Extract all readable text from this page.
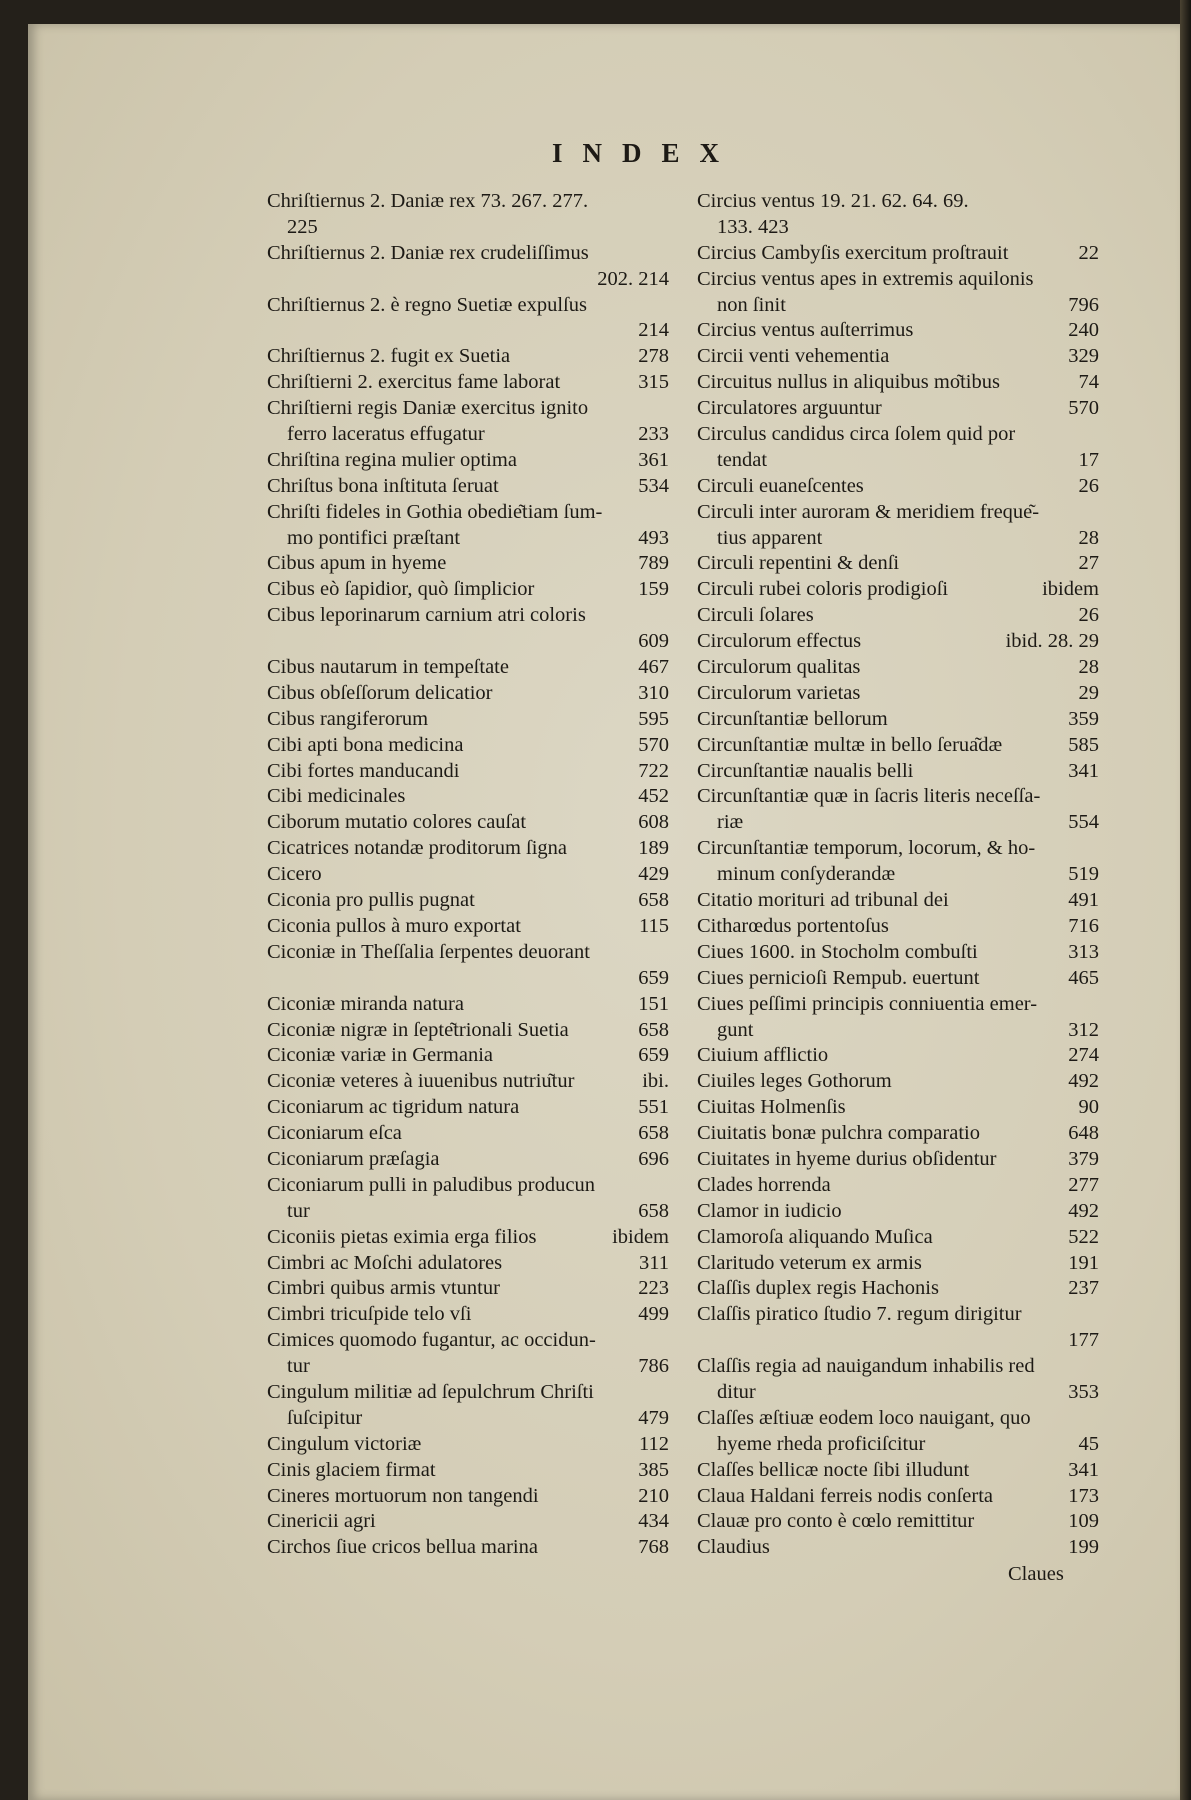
INDEX
Chriſtiernus 2. Daniæ rex 73. 267. 277.
225
Chriſtiernus 2. Daniæ rex crudeliſſimus
202. 214
Chriſtiernus 2. è regno Suetiæ expulſus
214
Chriſtiernus 2. fugit ex Suetia	278
Chriſtierni 2. exercitus fame laborat	315
Chriſtierni regis Daniæ exercitus ignito
ferro laceratus effugatur	233
Chriſtina regina mulier optima	361
Chriſtus bona inſtituta ſeruat	534
Chriſti fideles in Gothia obedie͂tiam ſum-
mo pontifici præſtant	493
Cibus apum in hyeme	789
Cibus eò ſapidior, quò ſimplicior	159
Cibus leporinarum carnium atri coloris
609
Cibus nautarum in tempeſtate	467
Cibus obſeſſorum delicatior	310
Cibus rangiferorum	595
Cibi apti bona medicina	570
Cibi fortes manducandi	722
Cibi medicinales	452
Ciborum mutatio colores cauſat	608
Cicatrices notandæ proditorum ſigna	189
Cicero	429
Ciconia pro pullis pugnat	658
Ciconia pullos à muro exportat	115
Ciconiæ in Theſſalia ſerpentes deuorant
659
Ciconiæ miranda natura	151
Ciconiæ nigræ in ſepte͂trionali Suetia	658
Ciconiæ variæ in Germania	659
Ciconiæ veteres à iuuenibus nutriu͂tur	ibi.
Ciconiarum ac tigridum natura	551
Ciconiarum eſca	658
Ciconiarum præſagia	696
Ciconiarum pulli in paludibus producun
tur	658
Ciconiis pietas eximia erga filios	ibidem
Cimbri ac Moſchi adulatores	311
Cimbri quibus armis vtuntur	223
Cimbri tricuſpide telo vſi	499
Cimices quomodo fugantur, ac occidun-
tur	786
Cingulum militiæ ad ſepulchrum Chriſti
ſuſcipitur	479
Cingulum victoriæ	112
Cinis glaciem firmat	385
Cineres mortuorum non tangendi	210
Cinericii agri	434
Circhos ſiue cricos bellua marina	768
Circius ventus 19. 21. 62. 64. 69.
133. 423
Circius Cambyſis exercitum proſtrauit	22
Circius ventus apes in extremis aquilonis
non ſinit	796
Circius ventus auſterrimus	240
Circii venti vehementia	329
Circuitus nullus in aliquibus mo͂tibus	74
Circulatores arguuntur	570
Circulus candidus circa ſolem quid por
tendat	17
Circuli euaneſcentes	26
Circuli inter auroram & meridiem freque͂-
tius apparent	28
Circuli repentini & denſi	27
Circuli rubei coloris prodigioſi	ibidem
Circuli ſolares	26
Circulorum effectus	ibid. 28. 29
Circulorum qualitas	28
Circulorum varietas	29
Circunſtantiæ bellorum	359
Circunſtantiæ multæ in bello ſerua͂dæ	585
Circunſtantiæ naualis belli	341
Circunſtantiæ quæ in ſacris literis neceſſa-
riæ	554
Circunſtantiæ temporum, locorum, & ho-
minum conſyderandæ	519
Citatio morituri ad tribunal dei	491
Citharœdus portentoſus	716
Ciues 1600. in Stocholm combuſti	313
Ciues pernicioſi Rempub. euertunt	465
Ciues peſſimi principis conniuentia emer-
gunt	312
Ciuium afflictio	274
Ciuiles leges Gothorum	492
Ciuitas Holmenſis	90
Ciuitatis bonæ pulchra comparatio	648
Ciuitates in hyeme durius obſidentur	379
Clades horrenda	277
Clamor in iudicio	492
Clamoroſa aliquando Muſica	522
Claritudo veterum ex armis	191
Claſſis duplex regis Hachonis	237
Claſſis piratico ſtudio 7. regum dirigitur
177
Claſſis regia ad nauigandum inhabilis red
ditur	353
Claſſes æſtiuæ eodem loco nauigant, quo
hyeme rheda proficiſcitur	45
Claſſes bellicæ nocte ſibi illudunt	341
Claua Haldani ferreis nodis conſerta	173
Clauæ pro conto è cœlo remittitur	109
Claudius	199
Claues
